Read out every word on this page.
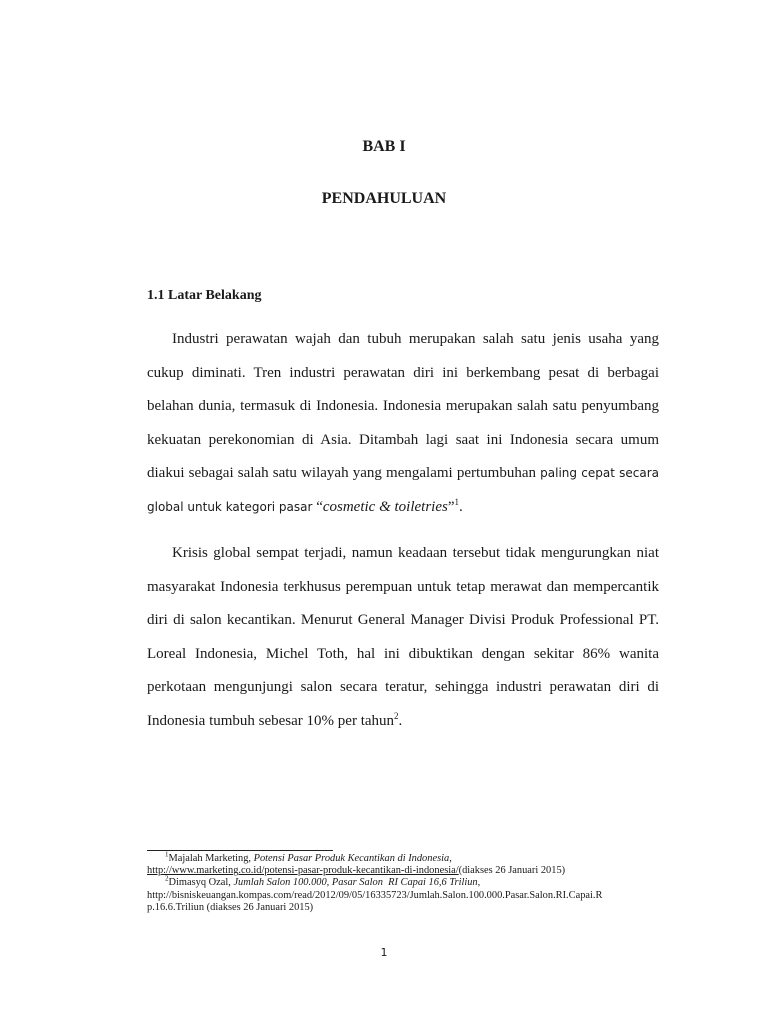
BAB I
PENDAHULUAN
1.1 Latar Belakang

Industri perawatan wajah dan tubuh merupakan salah satu jenis usaha yang cukup diminati. Tren industri perawatan diri ini berkembang pesat di berbagai belahan dunia, termasuk di Indonesia. Indonesia merupakan salah satu penyumbang kekuatan perekonomian di Asia. Ditambah lagi saat ini Indonesia secara umum diakui sebagai salah satu wilayah yang mengalami pertumbuhan paling cepat secara global untuk kategori pasar “cosmetic & toiletries”$^1$.

Krisis global sempat terjadi, namun keadaan tersebut tidak mengurungkan niat masyarakat Indonesia terkhusus perempuan untuk tetap merawat dan mempercantik diri di salon kecantikan. Menurut General Manager Divisi Produk Professional PT. Loreal Indonesia, Michel Toth, hal ini dibuktikan dengan sekitar 86% wanita perkotaan mengunjungi salon secara teratur, sehingga industri perawatan diri di Indonesia tumbuh sebesar 10% per tahun$^2$.

$^1$Majalah Marketing, Potensi Pasar Produk Kecantikan di Indonesia,
http://www.marketing.co.id/potensi-pasar-produk-kecantikan-di-indonesia/(diakses 26 Januari 2015)
$^2$Dimasyq Ozal, Jumlah Salon 100.000, Pasar Salon  RI Capai 16,6 Triliun,
http://bisniskeuangan.kompas.com/read/2012/09/05/16335723/Jumlah.Salon.100.000.Pasar.Salon.RI.Capai.R
p.16.6.Triliun (diakses 26 Januari 2015)
1
